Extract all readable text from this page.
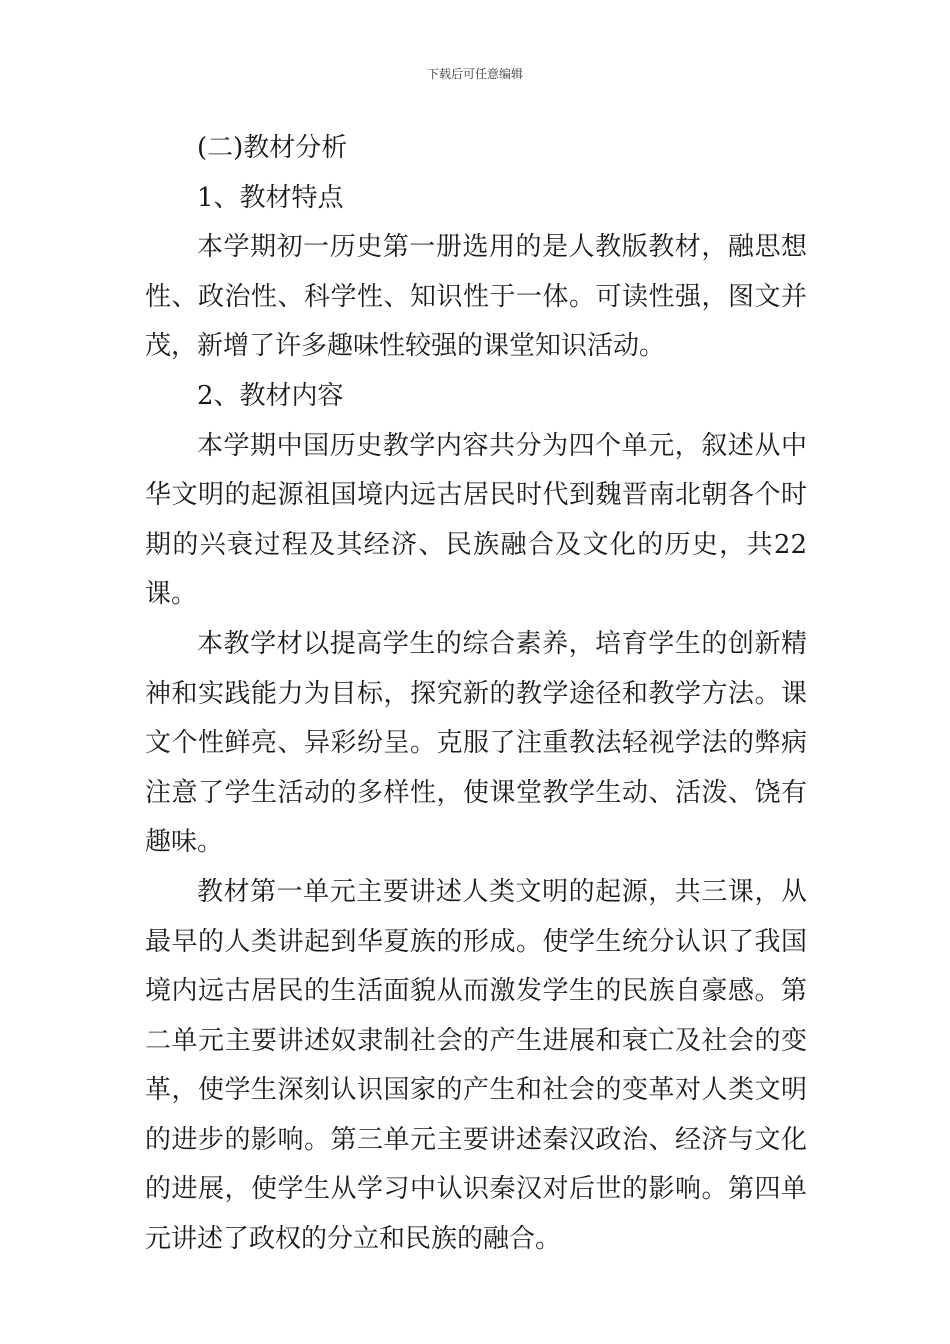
下载后可任意编辑

(二)教材分析

1、教材特点

本学期初一历史第一册选用的是人教版教材，融思想性、政治性、科学性、知识性于一体。可读性强，图文并茂，新增了许多趣味性较强的课堂知识活动。

2、教材内容

本学期中国历史教学内容共分为四个单元，叙述从中华文明的起源祖国境内远古居民时代到魏晋南北朝各个时期的兴衰过程及其经济、民族融合及文化的历史，共22课。

本教学材以提高学生的综合素养，培育学生的创新精神和实践能力为目标，探究新的教学途径和教学方法。课文个性鲜亮、异彩纷呈。克服了注重教法轻视学法的弊病注意了学生活动的多样性，使课堂教学生动、活泼、饶有趣味。

教材第一单元主要讲述人类文明的起源，共三课，从最早的人类讲起到华夏族的形成。使学生统分认识了我国境内远古居民的生活面貌从而激发学生的民族自豪感。第二单元主要讲述奴隶制社会的产生进展和衰亡及社会的变革，使学生深刻认识国家的产生和社会的变革对人类文明的进步的影响。第三单元主要讲述秦汉政治、经济与文化的进展，使学生从学习中认识秦汉对后世的影响。第四单元讲述了政权的分立和民族的融合。
